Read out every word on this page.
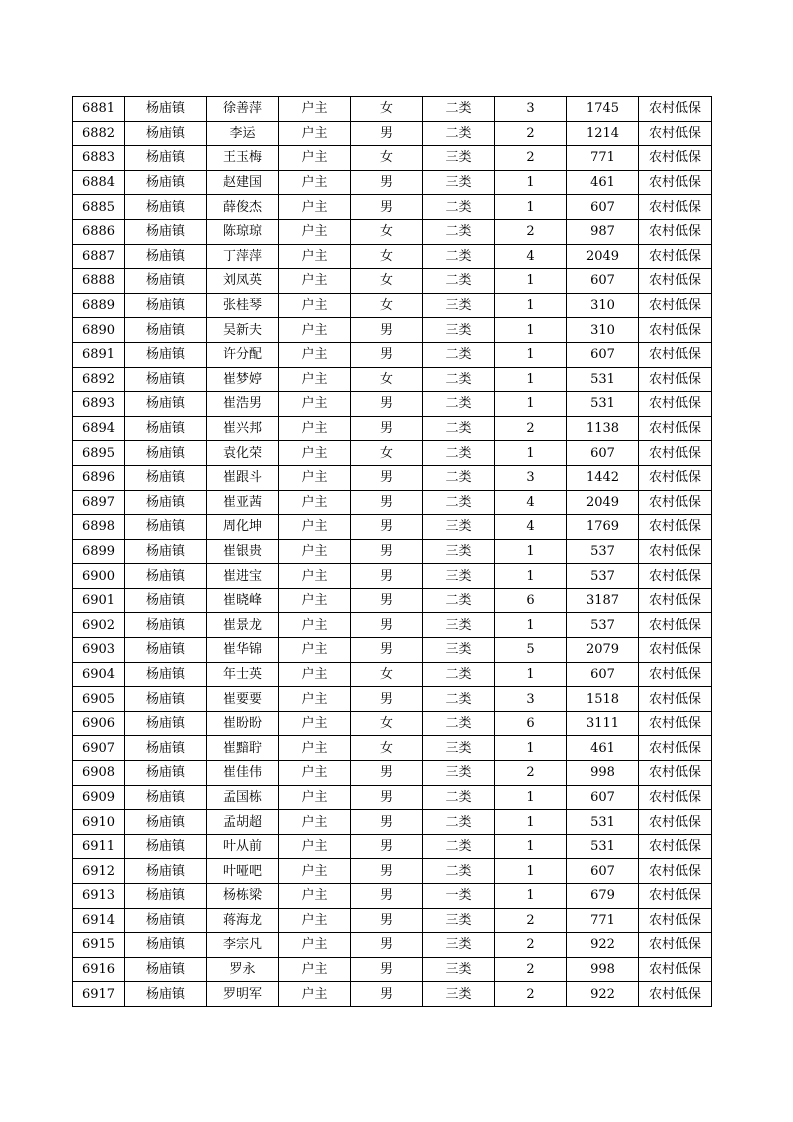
6881	杨庙镇	徐善萍	户主	女	二类	3	1745	农村低保
6882	杨庙镇	李运	户主	男	二类	2	1214	农村低保
6883	杨庙镇	王玉梅	户主	女	三类	2	771	农村低保
6884	杨庙镇	赵建国	户主	男	三类	1	461	农村低保
6885	杨庙镇	薛俊杰	户主	男	二类	1	607	农村低保
6886	杨庙镇	陈琼琼	户主	女	二类	2	987	农村低保
6887	杨庙镇	丁萍萍	户主	女	二类	4	2049	农村低保
6888	杨庙镇	刘凤英	户主	女	二类	1	607	农村低保
6889	杨庙镇	张桂琴	户主	女	三类	1	310	农村低保
6890	杨庙镇	吴新夫	户主	男	三类	1	310	农村低保
6891	杨庙镇	许分配	户主	男	二类	1	607	农村低保
6892	杨庙镇	崔梦婷	户主	女	二类	1	531	农村低保
6893	杨庙镇	崔浩男	户主	男	二类	1	531	农村低保
6894	杨庙镇	崔兴邦	户主	男	二类	2	1138	农村低保
6895	杨庙镇	袁化荣	户主	女	二类	1	607	农村低保
6896	杨庙镇	崔跟斗	户主	男	二类	3	1442	农村低保
6897	杨庙镇	崔亚茜	户主	男	二类	4	2049	农村低保
6898	杨庙镇	周化坤	户主	男	三类	4	1769	农村低保
6899	杨庙镇	崔银贵	户主	男	三类	1	537	农村低保
6900	杨庙镇	崔进宝	户主	男	三类	1	537	农村低保
6901	杨庙镇	崔晓峰	户主	男	二类	6	3187	农村低保
6902	杨庙镇	崔景龙	户主	男	三类	1	537	农村低保
6903	杨庙镇	崔华锦	户主	男	三类	5	2079	农村低保
6904	杨庙镇	年士英	户主	女	二类	1	607	农村低保
6905	杨庙镇	崔要要	户主	男	二类	3	1518	农村低保
6906	杨庙镇	崔盼盼	户主	女	二类	6	3111	农村低保
6907	杨庙镇	崔黯聍	户主	女	三类	1	461	农村低保
6908	杨庙镇	崔佳伟	户主	男	三类	2	998	农村低保
6909	杨庙镇	孟国栋	户主	男	二类	1	607	农村低保
6910	杨庙镇	孟胡超	户主	男	二类	1	531	农村低保
6911	杨庙镇	叶从前	户主	男	二类	1	531	农村低保
6912	杨庙镇	叶哑吧	户主	男	二类	1	607	农村低保
6913	杨庙镇	杨栋梁	户主	男	一类	1	679	农村低保
6914	杨庙镇	蒋海龙	户主	男	三类	2	771	农村低保
6915	杨庙镇	李宗凡	户主	男	三类	2	922	农村低保
6916	杨庙镇	罗永	户主	男	三类	2	998	农村低保
6917	杨庙镇	罗明军	户主	男	三类	2	922	农村低保
